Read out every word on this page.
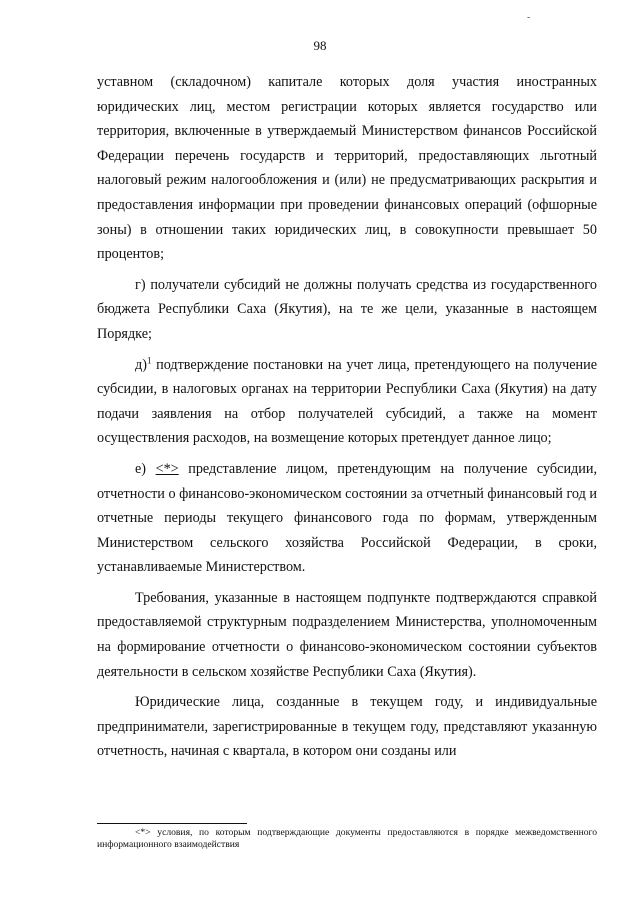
-
98

уставном (складочном) капитале которых доля участия иностранных юридических лиц, местом регистрации которых является государство или территория, включенные в утверждаемый Министерством финансов Российской Федерации перечень государств и территорий, предоставляющих льготный налоговый режим налогообложения и (или) не предусматривающих раскрытия и предоставления информации при проведении финансовых операций (офшорные зоны) в отношении таких юридических лиц, в совокупности превышает 50 процентов;

г) получатели субсидий не должны получать средства из государственного бюджета Республики Саха (Якутия), на те же цели, указанные в настоящем Порядке;

д)$^1$ подтверждение постановки на учет лица, претендующего на получение субсидии, в налоговых органах на территории Республики Саха (Якутия) на дату подачи заявления на отбор получателей субсидий, а также на момент осуществления расходов, на возмещение которых претендует данное лицо;

е) <*> представление лицом, претендующим на получение субсидии, отчетности о финансово-экономическом состоянии за отчетный финансовый год и отчетные периоды текущего финансового года по формам, утвержденным Министерством сельского хозяйства Российской Федерации, в сроки, устанавливаемые Министерством.

Требования, указанные в настоящем подпункте подтверждаются справкой предоставляемой структурным подразделением Министерства, уполномоченным на формирование отчетности о финансово-экономическом состоянии субъектов деятельности в сельском хозяйстве Республики Саха (Якутия).

Юридические лица, созданные в текущем году, и индивидуальные предприниматели, зарегистрированные в текущем году, представляют указанную отчетность, начиная с квартала, в котором они созданы или

<*> условия, по которым подтверждающие документы предоставляются в порядке межведомственного информационного взаимодействия
